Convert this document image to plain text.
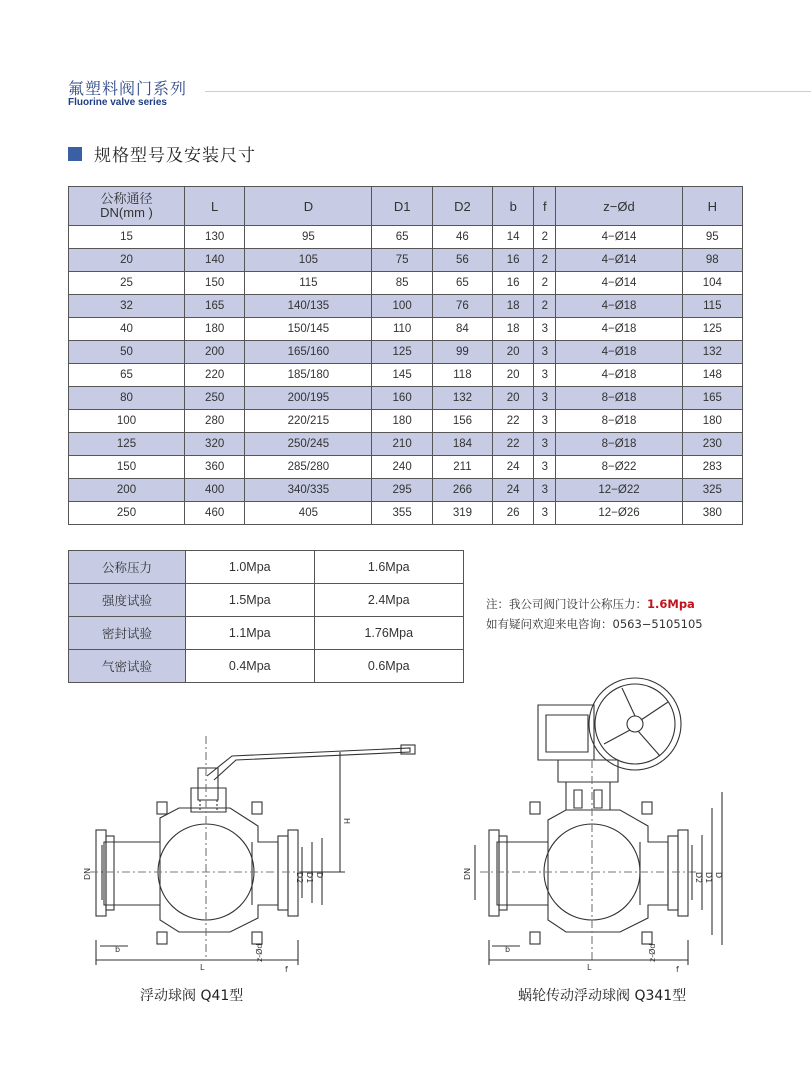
氟塑料阀门系列
Fluorine valve series
规格型号及安装尺寸
公称通径
DN(mm )	L	D	D1	D2	b	f	z−Ød	H
15	130	95	65	46	14	2	4−Ø14	95
20	140	105	75	56	16	2	4−Ø14	98
25	150	115	85	65	16	2	4−Ø14	104
32	165	140/135	100	76	18	2	4−Ø18	115
40	180	150/145	110	84	18	3	4−Ø18	125
50	200	165/160	125	99	20	3	4−Ø18	132
65	220	185/180	145	118	20	3	4−Ø18	148
80	250	200/195	160	132	20	3	8−Ø18	165
100	280	220/215	180	156	22	3	8−Ø18	180
125	320	250/245	210	184	22	3	8−Ø18	230
150	360	285/280	240	211	24	3	8−Ø22	283
200	400	340/335	295	266	24	3	12−Ø22	325
250	460	405	355	319	26	3	12−Ø26	380
公称压力	1.0Mpa	1.6Mpa
强度试验	1.5Mpa	2.4Mpa
密封试验	1.1Mpa	1.76Mpa
气密试验	0.4Mpa	0.6Mpa
注：我公司阀门设计公称压力：1.6Mpa
如有疑问欢迎来电咨询：0563−5105105
H
DN	D2 D1 D
b
f
L
z-Ød
DN	D2 D1 D
b
f
L
z-Ød
浮动球阀 Q41型	蜗轮传动浮动球阀 Q341型
